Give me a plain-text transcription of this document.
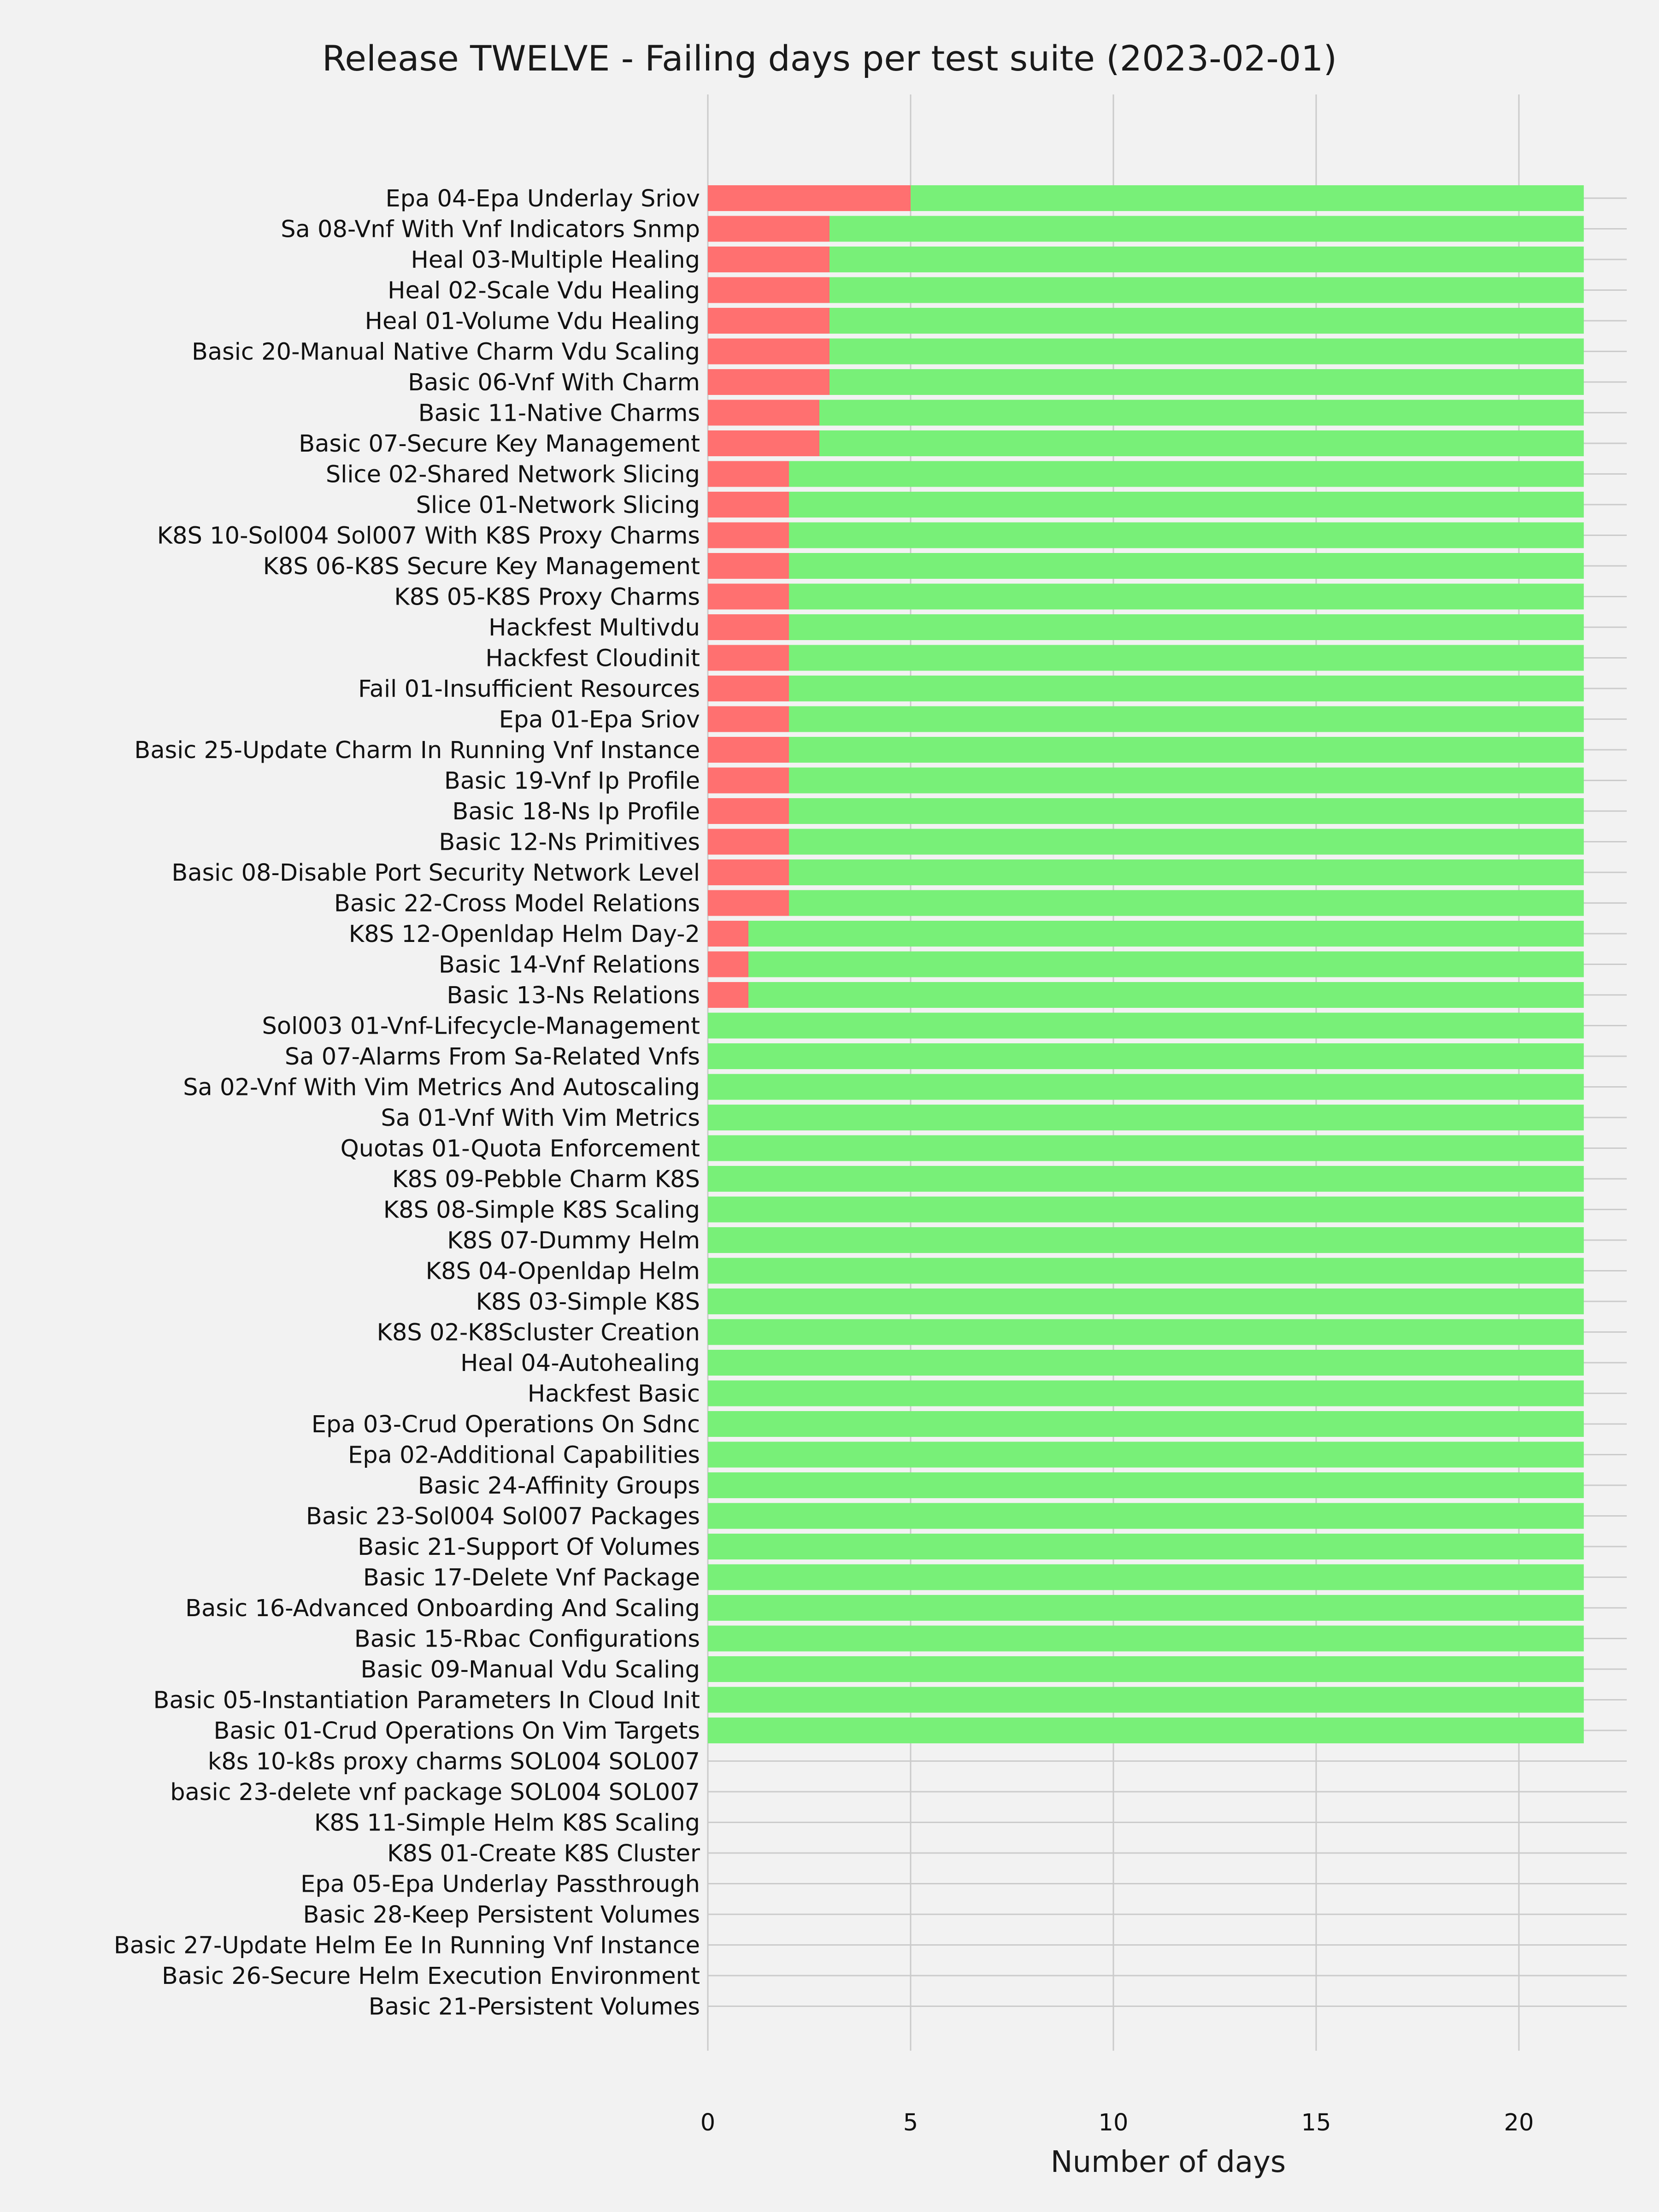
Release TWELVE - Failing days per test suite (2023-02-01)
Epa 04-Epa Underlay Sriov
Sa 08-Vnf With Vnf Indicators Snmp
Heal 03-Multiple Healing
Heal 02-Scale Vdu Healing
Heal 01-Volume Vdu Healing
Basic 20-Manual Native Charm Vdu Scaling
Basic 06-Vnf With Charm
Basic 11-Native Charms
Basic 07-Secure Key Management
Slice 02-Shared Network Slicing
Slice 01-Network Slicing
K8S 10-Sol004 Sol007 With K8S Proxy Charms
K8S 06-K8S Secure Key Management
K8S 05-K8S Proxy Charms
Hackfest Multivdu
Hackfest Cloudinit
Fail 01-Insufficient Resources
Epa 01-Epa Sriov
Basic 25-Update Charm In Running Vnf Instance
Basic 19-Vnf Ip Profile
Basic 18-Ns Ip Profile
Basic 12-Ns Primitives
Basic 08-Disable Port Security Network Level
Basic 22-Cross Model Relations
K8S 12-Openldap Helm Day-2
Basic 14-Vnf Relations
Basic 13-Ns Relations
Sol003 01-Vnf-Lifecycle-Management
Sa 07-Alarms From Sa-Related Vnfs
Sa 02-Vnf With Vim Metrics And Autoscaling
Sa 01-Vnf With Vim Metrics
Quotas 01-Quota Enforcement
K8S 09-Pebble Charm K8S
K8S 08-Simple K8S Scaling
K8S 07-Dummy Helm
K8S 04-Openldap Helm
K8S 03-Simple K8S
K8S 02-K8Scluster Creation
Heal 04-Autohealing
Hackfest Basic
Epa 03-Crud Operations On Sdnc
Epa 02-Additional Capabilities
Basic 24-Affinity Groups
Basic 23-Sol004 Sol007 Packages
Basic 21-Support Of Volumes
Basic 17-Delete Vnf Package
Basic 16-Advanced Onboarding And Scaling
Basic 15-Rbac Configurations
Basic 09-Manual Vdu Scaling
Basic 05-Instantiation Parameters In Cloud Init
Basic 01-Crud Operations On Vim Targets
k8s 10-k8s proxy charms SOL004 SOL007
basic 23-delete vnf package SOL004 SOL007
K8S 11-Simple Helm K8S Scaling
K8S 01-Create K8S Cluster
Epa 05-Epa Underlay Passthrough
Basic 28-Keep Persistent Volumes
Basic 27-Update Helm Ee In Running Vnf Instance
Basic 26-Secure Helm Execution Environment
Basic 21-Persistent Volumes
0	5	10	15	20
Number of days
